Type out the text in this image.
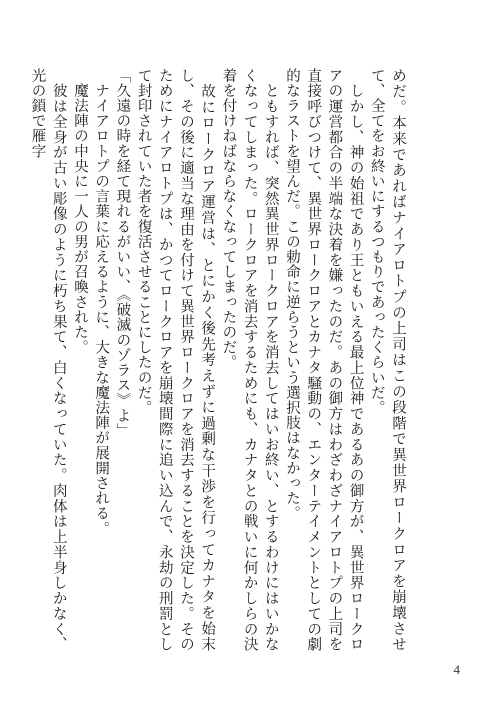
めだ。本来であればナイアロトプの上司はこの段階で異世界ロークロアを崩壊させて、全てをお終いにするつもりであったくらいだ。

　しかし、神の始祖であり王ともいえる最上位神であるあの御方が、異世界ロークロアの運営都合の半端な決着を嫌ったのだ。あの御方はわざわざナイアロトプの上司を直接呼びつけて、異世界ロークロアとカナタ騒動の、エンターテイメントとしての劇的なラストを望んだ。この勅命に逆らうという選択肢はなかった。

　ともすれば、突然異世界ロークロアを消去してはいお終い、とするわけにはいかなくなってしまった。ロークロアを消去するためにも、カナタとの戦いに何かしらの決着を付けねばならなくなってしまったのだ。

　故にロークロア運営は、とにかく後先考えずに過剰な干渉を行ってカナタを始末し、その後に適当な理由を付けて異世界ロークロアを消去することを決定した。そのためにナイアロトプは、かつてロークロアを崩壊間際に追い込んで、永劫の刑罰として封印されていた者を復活させることにしたのだ。

「久遠の時を経て現れるがいい、《破滅のゾラス》よ」

　ナイアロトプの言葉に応えるように、大きな魔法陣が展開される。

　魔法陣の中央に一人の男が召喚された。

　彼は全身が古い彫像のように朽ち果て、白くなっていた。肉体は上半身しかなく、光の鎖で雁字

4
